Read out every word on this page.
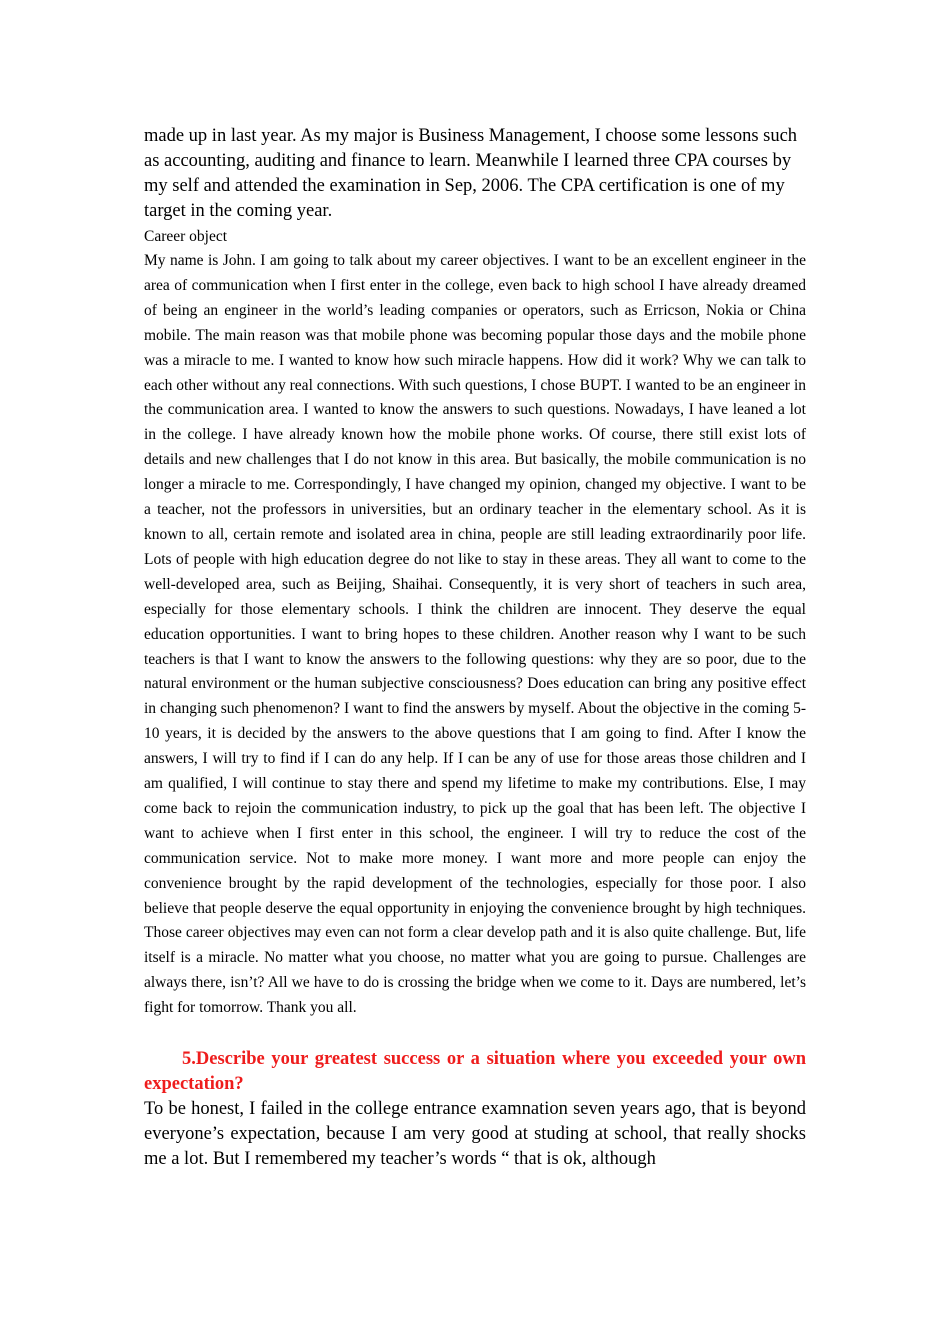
made up in last year. As my major is Business Management, I choose some lessons such as accounting, auditing and finance to learn. Meanwhile I learned three CPA courses by my self and attended the examination in Sep, 2006. The CPA certification is one of my target in the coming year.

Career object

My name is John. I am going to talk about my career objectives. I want to be an excellent engineer in the area of communication when I first enter in the college, even back to high school I have already dreamed of being an engineer in the world’s leading companies or operators, such as Erricson, Nokia or China mobile. The main reason was that mobile phone was becoming popular those days and the mobile phone was a miracle to me. I wanted to know how such miracle happens. How did it work? Why we can talk to each other without any real connections. With such questions, I chose BUPT. I wanted to be an engineer in the communication area. I wanted to know the answers to such questions. Nowadays, I have leaned a lot in the college. I have already known how the mobile phone works. Of course, there still exist lots of details and new challenges that I do not know in this area. But basically, the mobile communication is no longer a miracle to me. Correspondingly, I have changed my opinion, changed my objective. I want to be a teacher, not the professors in universities, but an ordinary teacher in the elementary school. As it is known to all, certain remote and isolated area in china, people are still leading extraordinarily poor life. Lots of people with high education degree do not like to stay in these areas. They all want to come to the well-developed area, such as Beijing, Shaihai. Consequently, it is very short of teachers in such area, especially for those elementary schools. I think the children are innocent. They deserve the equal education opportunities. I want to bring hopes to these children. Another reason why I want to be such teachers is that I want to know the answers to the following questions: why they are so poor, due to the natural environment or the human subjective consciousness? Does education can bring any positive effect in changing such phenomenon? I want to find the answers by myself. About the objective in the coming 5-10 years, it is decided by the answers to the above questions that I am going to find. After I know the answers, I will try to find if I can do any help. If I can be any of use for those areas those children and I am qualified, I will continue to stay there and spend my lifetime to make my contributions. Else, I may come back to rejoin the communication industry, to pick up the goal that has been left. The objective I want to achieve when I first enter in this school, the engineer. I will try to reduce the cost of the communication service. Not to make more money. I want more and more people can enjoy the convenience brought by the rapid development of the technologies, especially for those poor. I also believe that people deserve the equal opportunity in enjoying the convenience brought by high techniques. Those career objectives may even can not form a clear develop path and it is also quite challenge. But, life itself is a miracle. No matter what you choose, no matter what you are going to pursue. Challenges are always there, isn’t? All we have to do is crossing the bridge when we come to it. Days are numbered, let’s fight for tomorrow. Thank you all.

5.Describe your greatest success or a situation where you exceeded your own expectation?

To be honest, I failed in the college entrance examnation seven years ago, that is beyond everyone’s expectation, because I am very good at studing at school, that really shocks me a lot. But I remembered my teacher’s words “ that is ok, although
